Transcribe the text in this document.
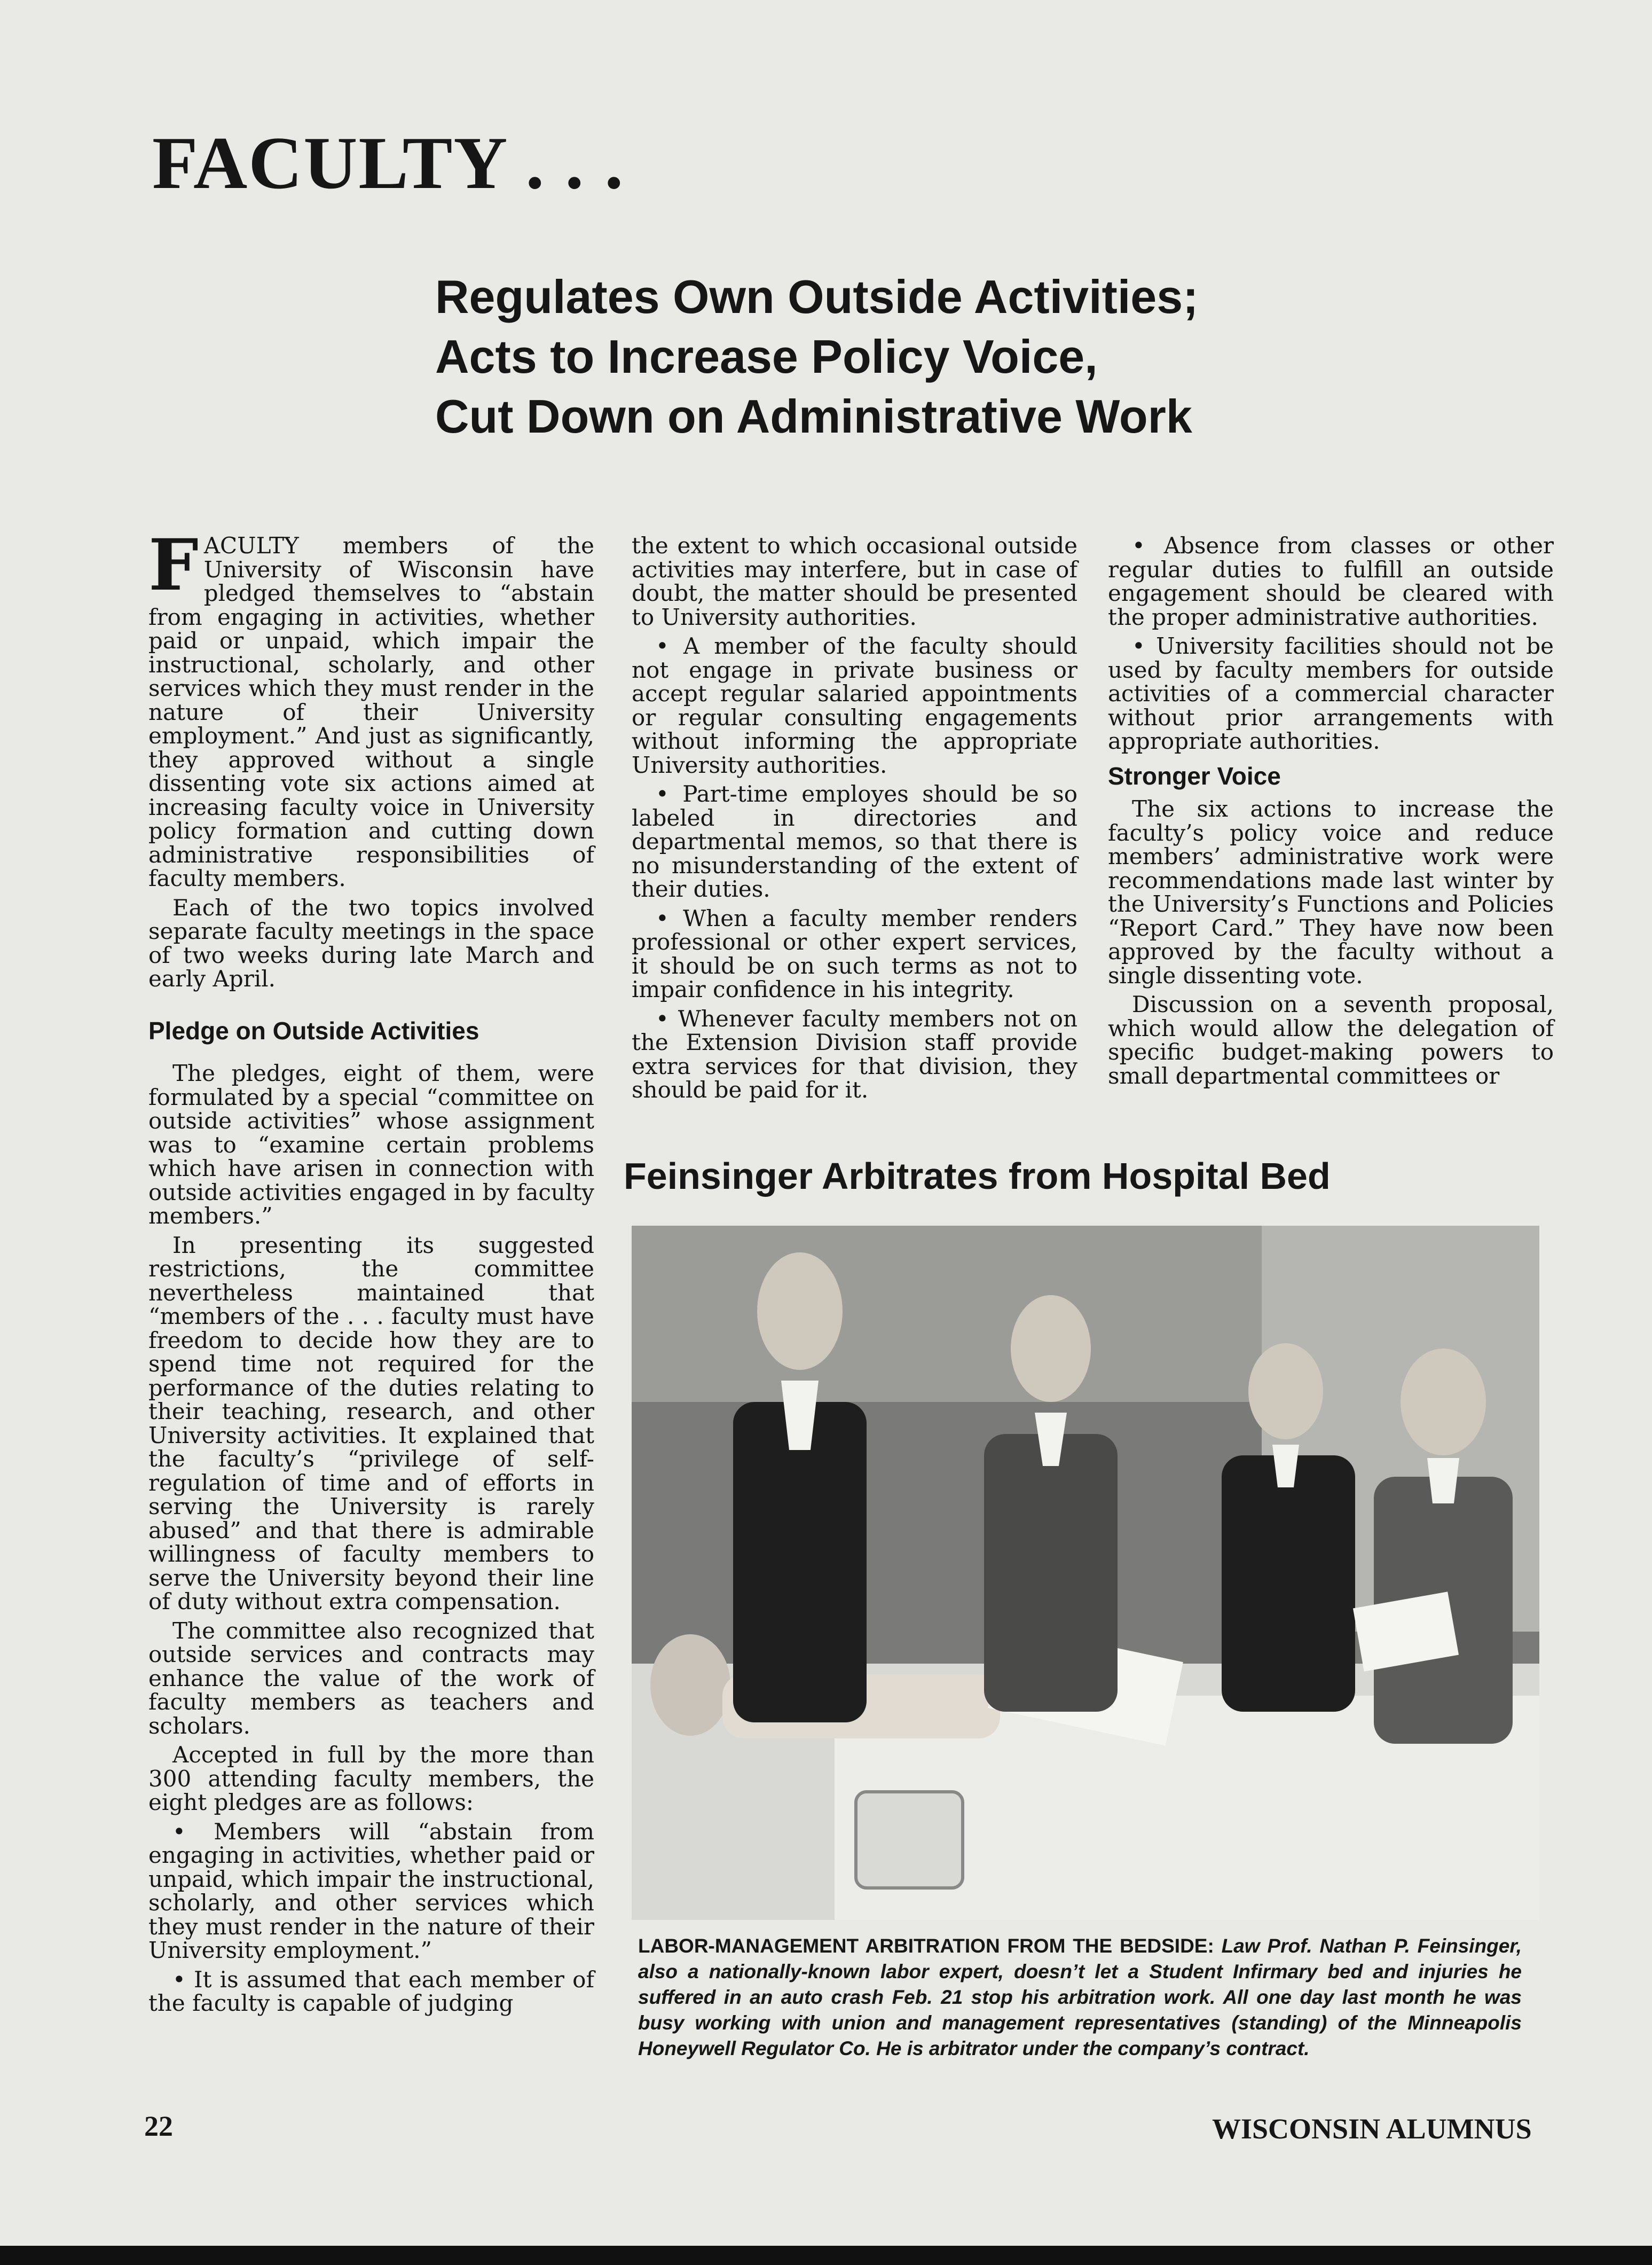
FACULTY . . .
Regulates Own Outside Activities;
Acts to Increase Policy Voice,
Cut Down on Administrative Work

FACULTY members of the University of Wisconsin have pledged themselves to “abstain from engaging in activities, whether paid or unpaid, which impair the instructional, scholarly, and other services which they must render in the nature of their University employment.” And just as significantly, they approved without a single dissenting vote six actions aimed at increasing faculty voice in University policy formation and cutting down administrative responsibilities of faculty members.

Each of the two topics involved separate faculty meetings in the space of two weeks during late March and early April.

Pledge on Outside Activities

The pledges, eight of them, were formulated by a special “committee on outside activities” whose assignment was to “examine certain problems which have arisen in connection with outside activities engaged in by faculty members.”

In presenting its suggested restrictions, the committee nevertheless maintained that “members of the . . . faculty must have freedom to decide how they are to spend time not required for the performance of the duties relating to their teaching, research, and other University activities. It explained that the faculty’s “privilege of self-regulation of time and of efforts in serving the University is rarely abused” and that there is admirable willingness of faculty members to serve the University beyond their line of duty without extra compensation.

The committee also recognized that outside services and contracts may enhance the value of the work of faculty members as teachers and scholars.

Accepted in full by the more than 300 attending faculty members, the eight pledges are as follows:

• Members will “abstain from engaging in activities, whether paid or unpaid, which impair the instructional, scholarly, and other services which they must render in the nature of their University employment.”

• It is assumed that each member of the faculty is capable of judging

the extent to which occasional outside activities may interfere, but in case of doubt, the matter should be presented to University authorities.

• A member of the faculty should not engage in private business or accept regular salaried appointments or regular consulting engagements without informing the appropriate University authorities.

• Part-time employes should be so labeled in directories and departmental memos, so that there is no misunderstanding of the extent of their duties.

• When a faculty member renders professional or other expert services, it should be on such terms as not to impair confidence in his integrity.

• Whenever faculty members not on the Extension Division staff provide extra services for that division, they should be paid for it.

• Absence from classes or other regular duties to fulfill an outside engagement should be cleared with the proper administrative authorities.

• University facilities should not be used by faculty members for outside activities of a commercial character without prior arrangements with appropriate authorities.

Stronger Voice

The six actions to increase the faculty’s policy voice and reduce members’ administrative work were recommendations made last winter by the University’s Functions and Policies “Report Card.” They have now been approved by the faculty without a single dissenting vote.

Discussion on a seventh proposal, which would allow the delegation of specific budget-making powers to small departmental committees or

Feinsinger Arbitrates from Hospital Bed
LABOR-MANAGEMENT ARBITRATION FROM THE BEDSIDE: Law Prof. Nathan P. Feinsinger, also a nationally-known labor expert, doesn’t let a Student Infirmary bed and injuries he suffered in an auto crash Feb. 21 stop his arbitration work. All one day last month he was busy working with union and management representatives (standing) of the Minneapolis Honeywell Regulator Co. He is arbitrator under the company’s contract.
22	WISCONSIN ALUMNUS
